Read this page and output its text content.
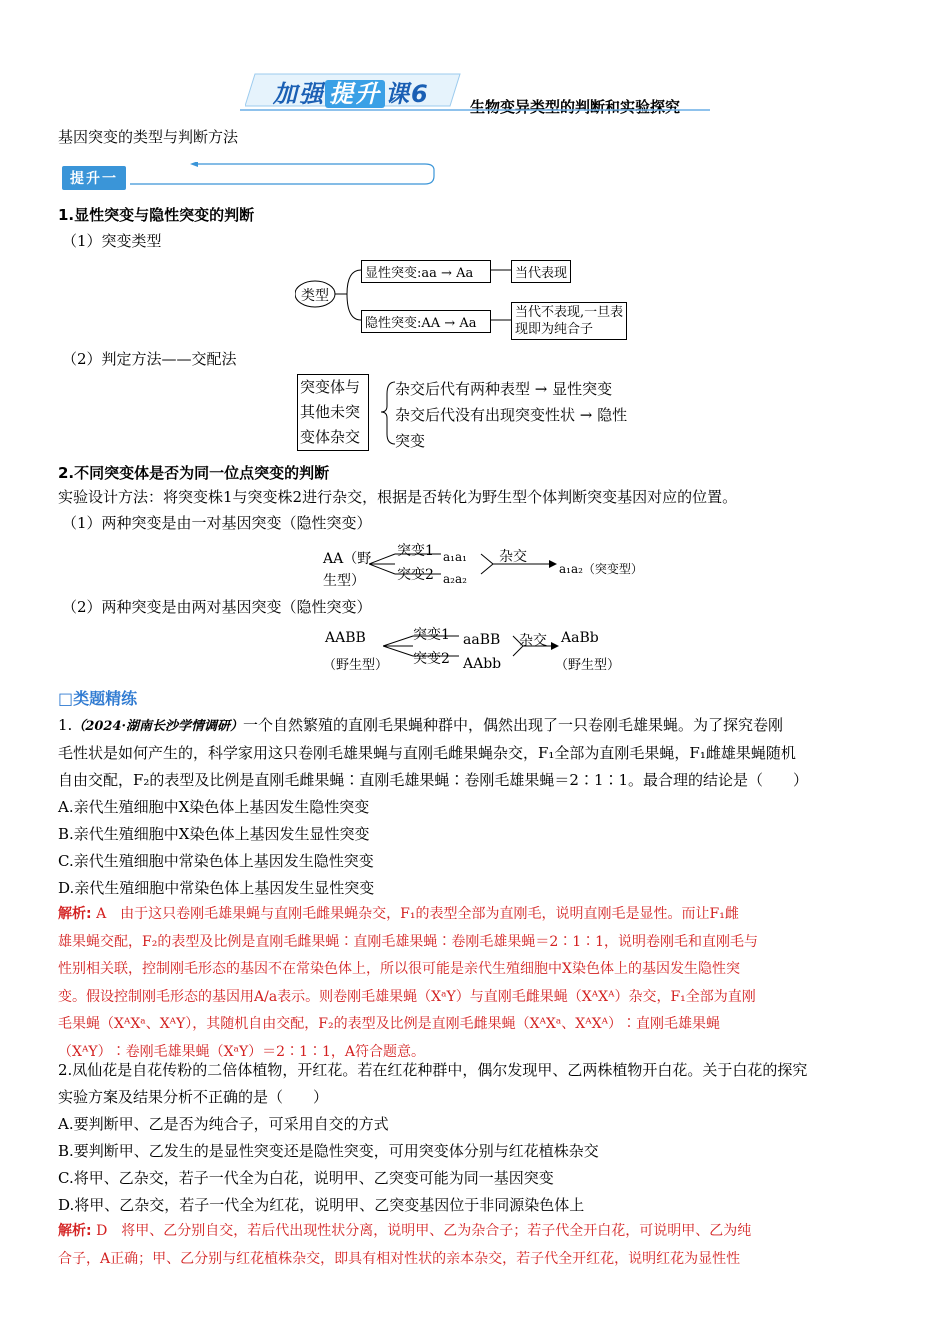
加强 提升 课6	生物变异类型的判断和实验探究
基因突变的类型与判断方法
提升一
1.显性突变与隐性突变的判断
（1）突变类型
类型
显性突变:aa → Aa	当代表现
隐性突变:AA → Aa
当代不表现,一旦表
现即为纯合子
（2）判定方法——交配法
突变体与
其他未突
变体杂交
杂交后代有两种表型 → 显性突变
杂交后代没有出现突变性状 → 隐性
突变
2.不同突变体是否为同一位点突变的判断
实验设计方法：将突变株1与突变株2进行杂交，根据是否转化为野生型个体判断突变基因对应的位置。
（1）两种突变是由一对基因突变（隐性突变）
AA（野
生型）
突变1
突变2
a₁a₁
a₂a₂
杂交
a₁a₂（突变型）
（2）两种突变是由两对基因突变（隐性突变）
AABB
（野生型）
突变1
突变2
aaBB
AAbb
杂交 AaBb
（野生型）
□类题精练
1.（2024·湖南长沙学情调研）一个自然繁殖的直刚毛果蝇种群中，偶然出现了一只卷刚毛雄果蝇。为了探究卷刚
毛性状是如何产生的，科学家用这只卷刚毛雄果蝇与直刚毛雌果蝇杂交，F₁全部为直刚毛果蝇，F₁雌雄果蝇随机
自由交配，F₂的表型及比例是直刚毛雌果蝇∶直刚毛雄果蝇∶卷刚毛雄果蝇＝2∶1∶1。最合理的结论是（　　）
A.亲代生殖细胞中X染色体上基因发生隐性突变
B.亲代生殖细胞中X染色体上基因发生显性突变
C.亲代生殖细胞中常染色体上基因发生隐性突变
D.亲代生殖细胞中常染色体上基因发生显性突变
解析: A　由于这只卷刚毛雄果蝇与直刚毛雌果蝇杂交，F₁的表型全部为直刚毛，说明直刚毛是显性。而让F₁雌
雄果蝇交配，F₂的表型及比例是直刚毛雌果蝇∶直刚毛雄果蝇∶卷刚毛雄果蝇＝2∶1∶1，说明卷刚毛和直刚毛与
性别相关联，控制刚毛形态的基因不在常染色体上，所以很可能是亲代生殖细胞中X染色体上的基因发生隐性突
变。假设控制刚毛形态的基因用A/a表示。则卷刚毛雄果蝇（XᵃY）与直刚毛雌果蝇（XᴬXᴬ）杂交，F₁全部为直刚
毛果蝇（XᴬXᵃ、XᴬY），其随机自由交配，F₂的表型及比例是直刚毛雌果蝇（XᴬXᵃ、XᴬXᴬ）∶直刚毛雄果蝇
（XᴬY）∶卷刚毛雄果蝇（XᵃY）＝2∶1∶1，A符合题意。
2.凤仙花是自花传粉的二倍体植物，开红花。若在红花种群中，偶尔发现甲、乙两株植物开白花。关于白花的探究
实验方案及结果分析不正确的是（　　）
A.要判断甲、乙是否为纯合子，可采用自交的方式
B.要判断甲、乙发生的是显性突变还是隐性突变，可用突变体分别与红花植株杂交
C.将甲、乙杂交，若子一代全为白花，说明甲、乙突变可能为同一基因突变
D.将甲、乙杂交，若子一代全为红花，说明甲、乙突变基因位于非同源染色体上
解析: D　将甲、乙分别自交，若后代出现性状分离，说明甲、乙为杂合子；若子代全开白花，可说明甲、乙为纯
合子，A正确；甲、乙分别与红花植株杂交，即具有相对性状的亲本杂交，若子代全开红花，说明红花为显性性
